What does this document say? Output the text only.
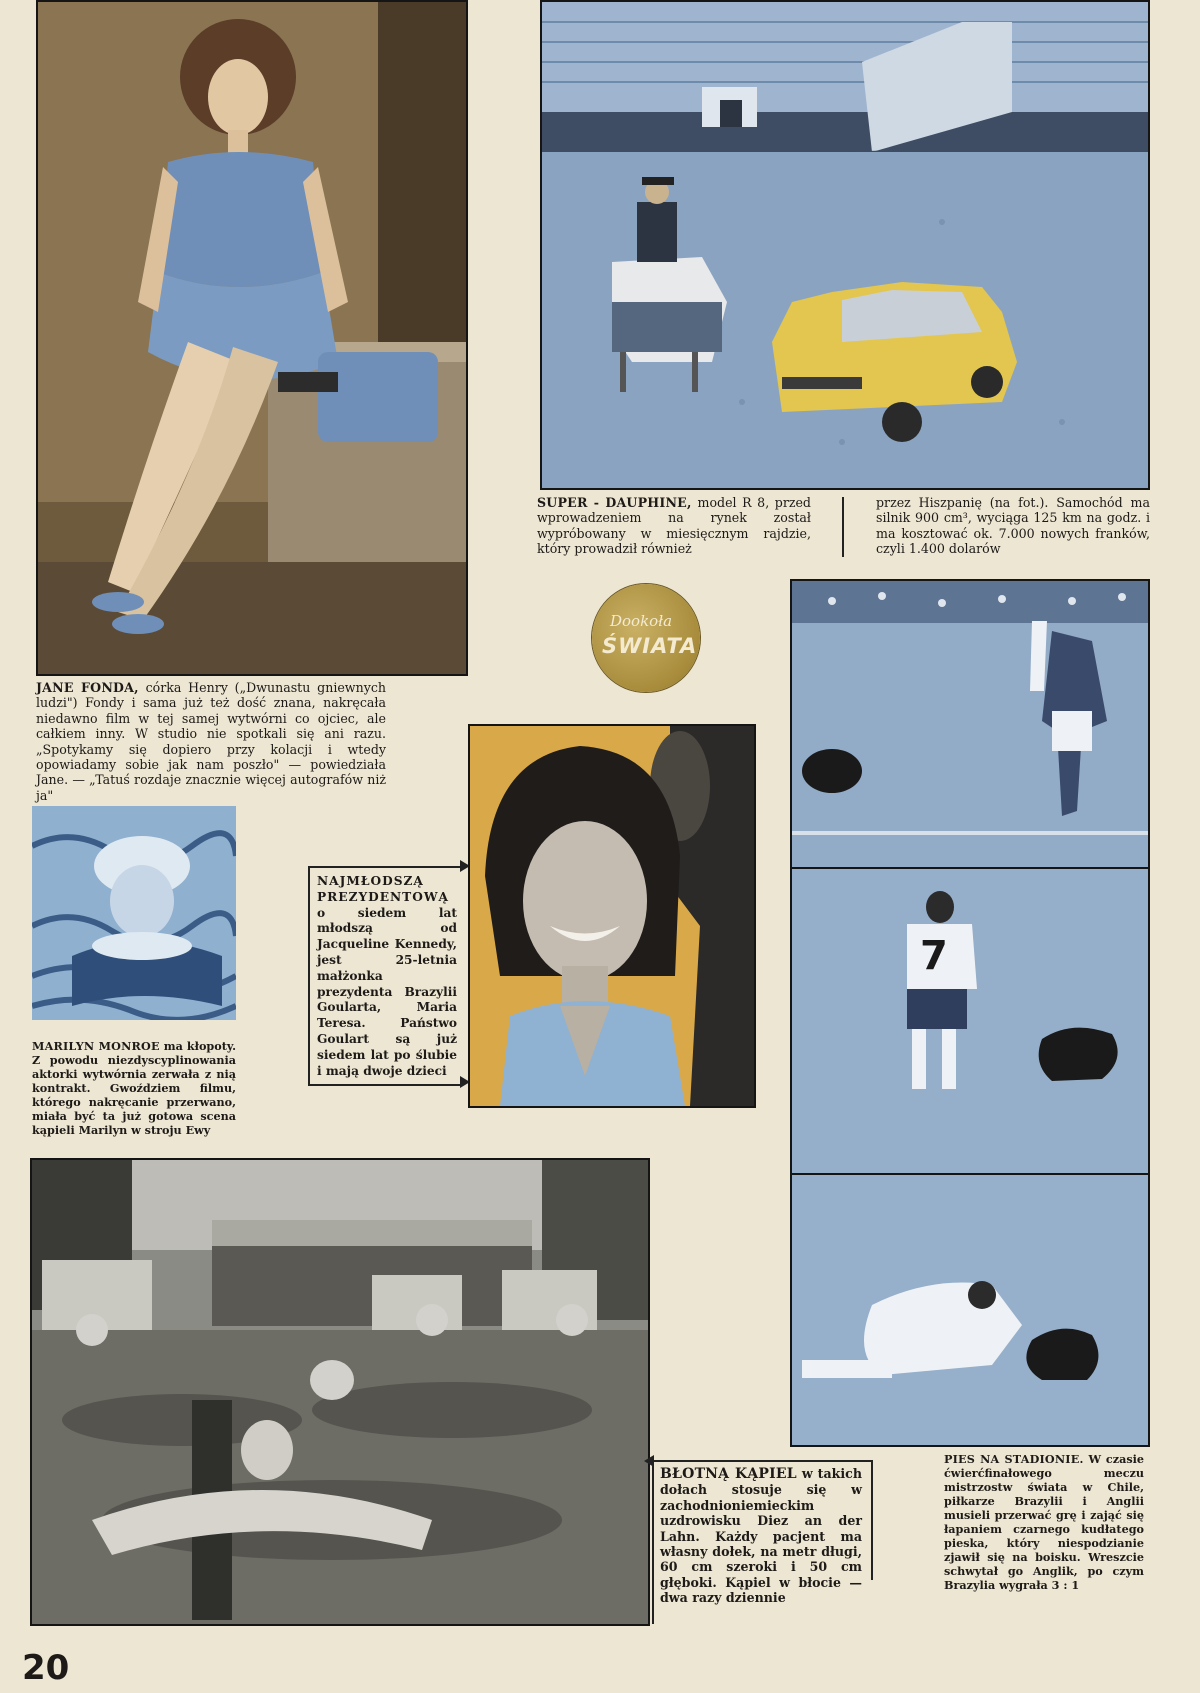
20
SUPER - DAUPHINE, model R 8, przed wprowadzeniem na rynek został wypróbowany w miesięcznym rajdzie, który prowadził również
przez Hiszpanię (na fot.). Samochód ma silnik 900 cm³, wyciąga 125 km na godz. i ma kosztować ok. 7.000 nowych franków, czyli 1.400 dolarów
Dookoła
ŚWIATA
JANE FONDA, córka Henry („Dwunastu gniewnych ludzi") Fondy i sama już też dość znana, nakręcała niedawno film w tej samej wytwórni co ojciec, ale całkiem inny. W studio nie spotkali się ani razu. „Spotykamy się dopiero przy kolacji i wtedy opowiadamy sobie jak nam poszło" — powiedziała Jane. — „Tatuś rozdaje znacznie więcej autografów niż ja"
MARILYN MONROE ma kłopoty. Z powodu niezdyscyplinowania aktorki wytwórnia zerwała z nią kontrakt. Gwoździem filmu, którego nakręcanie przerwano, miała być ta już gotowa scena kąpieli Marilyn w stroju Ewy
NAJMŁODSZĄ PREZYDENTOWĄ o siedem lat młodszą od Jacqueline Kennedy, jest 25-letnia małżonka prezydenta Brazylii Goularta, Maria Teresa. Państwo Goulart są już siedem lat po ślubie i mają dwoje dzieci
7
PIES NA STADIONIE. W czasie ćwierćfinałowego meczu mistrzostw świata w Chile, piłkarze Brazylii i Anglii musieli przerwać grę i zająć się łapaniem czarnego kudłatego pieska, który niespodzianie zjawił się na boisku. Wreszcie schwytał go Anglik, po czym Brazylia wygrała 3 : 1
BŁOTNĄ KĄPIEL w takich dołach stosuje się w zachodnioniemieckim uzdrowisku Diez an der Lahn. Każdy pacjent ma własny dołek, na metr długi, 60 cm szeroki i 50 cm głęboki. Kąpiel w błocie — dwa razy dziennie
